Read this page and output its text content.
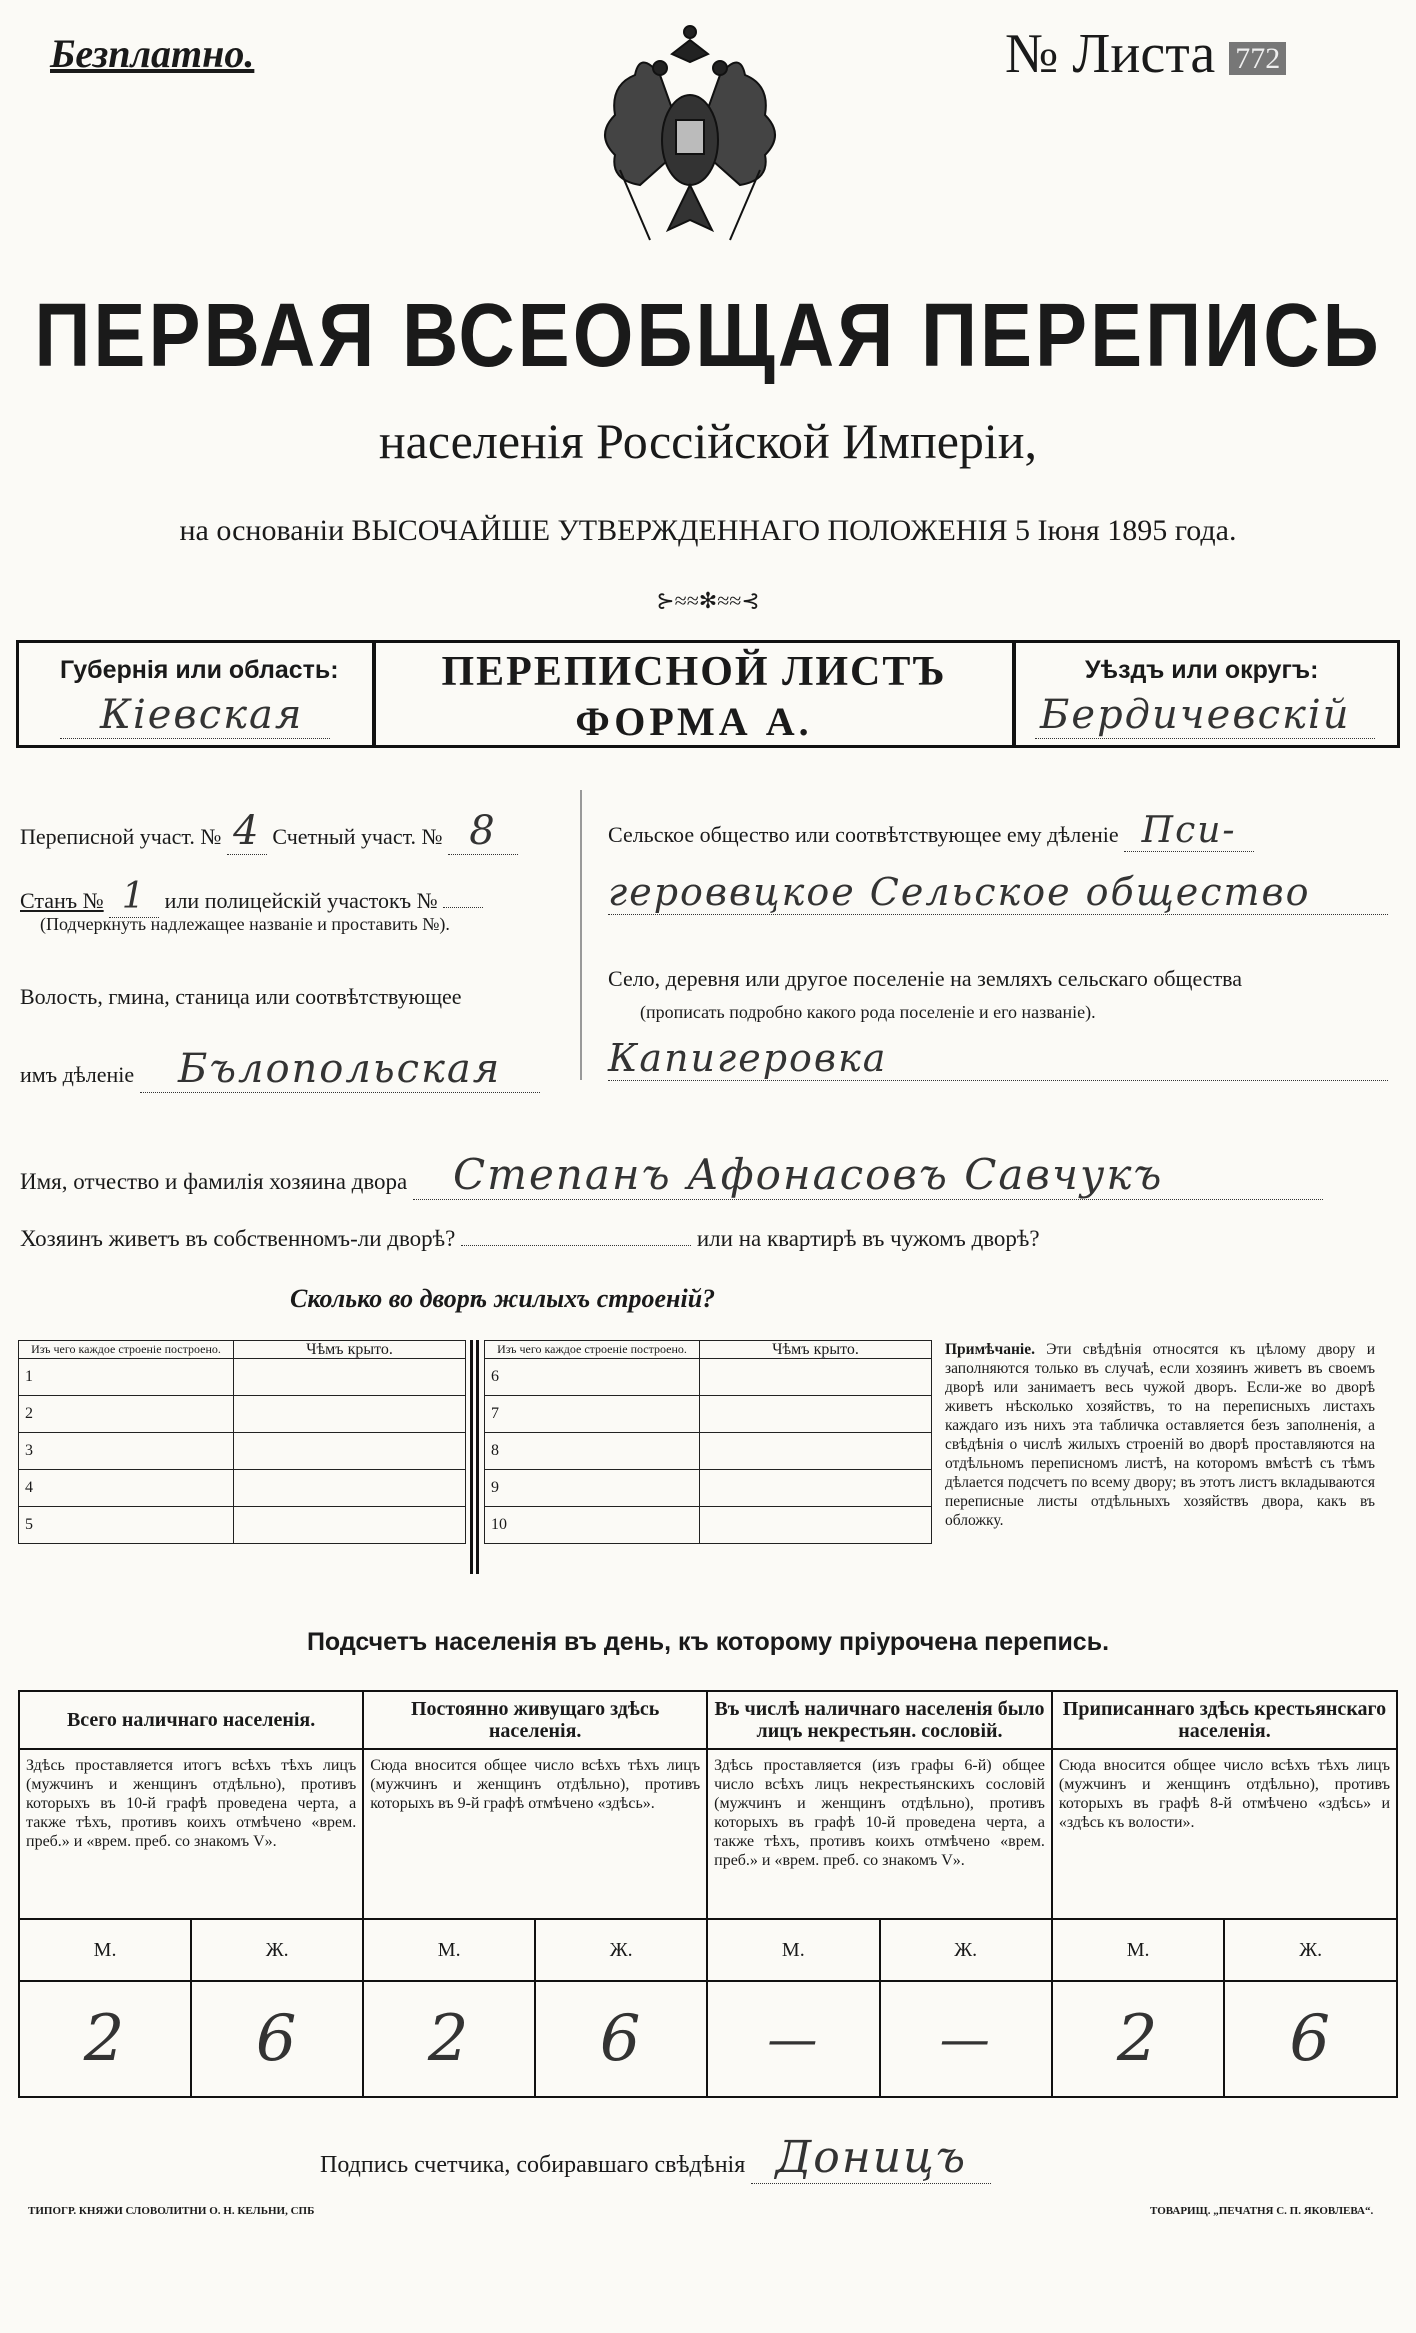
Безплатно.	№ Листа 772
ПЕРВАЯ ВСЕОБЩАЯ ПЕРЕПИСЬ
населенія Россійской Имперіи,
на основаніи ВЫСОЧАЙШЕ УТВЕРЖДЕННАГО ПОЛОЖЕНІЯ 5 Іюня 1895 года.
⊱≈≈✻≈≈⊰
Губернія или область:
Кіевская
ПЕРЕПИСНОЙ ЛИСТЪ
ФОРМА А.
Уѣздъ или округъ:
Бердичевскій
Переписной участ. № 4 Счетный участ. № 8
Станъ № 1 или полицейскій участокъ №
(Подчеркнуть надлежащее названіе и проставить №).
Волость, гмина, станица или соотвѣтствующее
имъ дѣленіе Бълопольская
Сельское общество или соотвѣтствующее ему дѣленіе Пси-
героввцкое Сельское общество
Село, деревня или другое поселеніе на земляхъ сельскаго общества
(прописать подробно какого рода поселеніе и его названіе).
Капигеровка
Имя, отчество и фамилія хозяина двора Степанъ Афонасовъ Савчукъ
Хозяинъ живетъ въ собственномъ-ли дворѣ?	или на квартирѣ въ чужомъ дворѣ?
Сколько во дворѣ жилыхъ строеній?
Изъ чего каждое строеніе построено.	Чѣмъ крыто.
1	
2	
3	
4	
5	
Изъ чего каждое строеніе построено.	Чѣмъ крыто.
6	
7	
8	
9	
10	
Примѣчаніе. Эти свѣдѣнія относятся къ цѣлому двору и заполняются только въ случаѣ, если хозяинъ живетъ въ своемъ дворѣ или занимаетъ весь чужой дворъ. Если-же во дворѣ живетъ нѣсколько хозяйствъ, то на переписныхъ листахъ каждаго изъ нихъ эта табличка оставляется безъ заполненія, а свѣдѣнія о числѣ жилыхъ строеній во дворѣ проставляются на отдѣльномъ переписномъ листѣ, на которомъ вмѣстѣ съ тѣмъ дѣлается подсчетъ по всему двору; въ этотъ листъ вкладываются переписные листы отдѣльныхъ хозяйствъ двора, какъ въ обложку.
Подсчетъ населенія въ день, къ которому пріурочена перепись.
Всего наличнаго населенія.		Постоянно живущаго здѣсь населенія.		Въ числѣ наличнаго населенія было лицъ некрестьян. сословій.		Приписаннаго здѣсь крестьянскаго населенія.	
Здѣсь проставляется итогъ всѣхъ тѣхъ лицъ (мужчинъ и женщинъ отдѣльно), противъ которыхъ въ 10-й графѣ проведена черта, а также тѣхъ, противъ коихъ отмѣчено «врем. преб.» и «врем. преб. со знакомъ V».		Сюда вносится общее число всѣхъ тѣхъ лицъ (мужчинъ и женщинъ отдѣльно), противъ которыхъ въ 9-й графѣ отмѣчено «здѣсь».		Здѣсь проставляется (изъ графы 6-й) общее число всѣхъ лицъ некрестьянскихъ сословій (мужчинъ и женщинъ отдѣльно), противъ которыхъ въ графѣ 10-й проведена черта, а также тѣхъ, противъ коихъ отмѣчено «врем. преб.» и «врем. преб. со знакомъ V».		Сюда вносится общее число всѣхъ тѣхъ лицъ (мужчинъ и женщинъ отдѣльно), противъ которыхъ въ графѣ 8-й отмѣчено «здѣсь» и «здѣсь къ волости».	
М.	Ж.	М.	Ж.	М.	Ж.	М.	Ж.
2	6	2	6	—	—	2	6
Подпись счетчика, собиравшаго свѣдѣнія Доницъ
ТИПОГР. КНЯЖИ СЛОВОЛИТНИ О. Н. КЕЛЬНИ, СПБ	ТОВАРИЩ. „ПЕЧАТНЯ С. П. ЯКОВЛЕВА“.
